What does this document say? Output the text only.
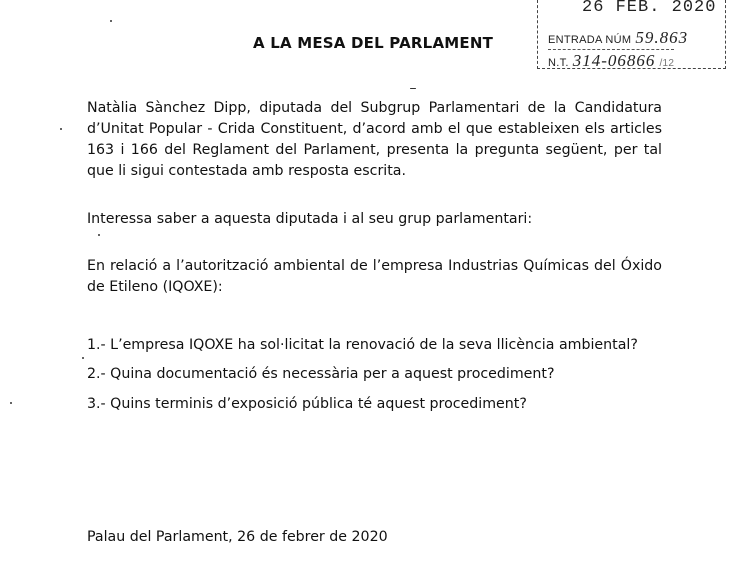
A LA MESA DEL PARLAMENT
26 FEB. 2020
ENTRADA NÚM 59.863
N.T. 314-06866 /12

Natàlia Sànchez Dipp, diputada del Subgrup Parlamentari de la Candidatura d’Unitat Popular - Crida Constituent, d’acord amb el que estableixen els articles 163 i 166 del Reglament del Parlament, presenta la pregunta següent, per tal que li sigui contestada amb resposta escrita.

Interessa saber a aquesta diputada i al seu grup parlamentari:

En relació a l’autorització ambiental de l’empresa Industrias Químicas del Óxido de Etileno (IQOXE):

1.- L’empresa IQOXE ha sol·licitat la renovació de la seva llicència ambiental?
2.- Quina documentació és necessària per a aquest procediment?
3.- Quins terminis d’exposició pública té aquest procediment?
Palau del Parlament, 26 de febrer de 2020
